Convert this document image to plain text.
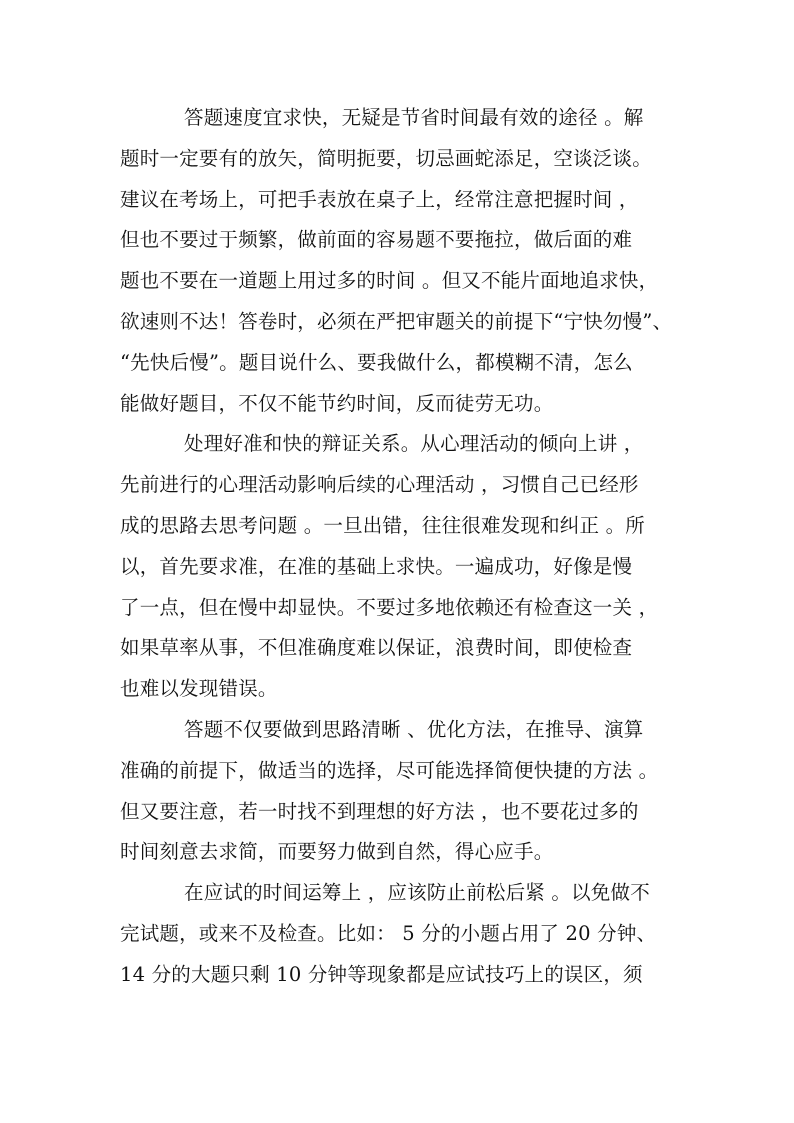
答题速度宜求快，无疑是节省时间最有效的途径 。解
题时一定要有的放矢，简明扼要，切忌画蛇添足，空谈泛谈。
建议在考场上，可把手表放在桌子上，经常注意把握时间 ，
但也不要过于频繁，做前面的容易题不要拖拉，做后面的难
题也不要在一道题上用过多的时间 。但又不能片面地追求快，
欲速则不达！答卷时，必须在严把审题关的前提下“宁快勿慢”、
“先快后慢”。题目说什么、要我做什么，都模糊不清，怎么
能做好题目，不仅不能节约时间，反而徒劳无功。
处理好准和快的辩证关系。从心理活动的倾向上讲 ，
先前进行的心理活动影响后续的心理活动 ，习惯自己已经形
成的思路去思考问题 。一旦出错，往往很难发现和纠正 。所
以，首先要求准，在准的基础上求快。一遍成功，好像是慢
了一点，但在慢中却显快。不要过多地依赖还有检查这一关 ，
如果草率从事，不但准确度难以保证，浪费时间，即使检查
也难以发现错误。
答题不仅要做到思路清晰 、优化方法，在推导、演算
准确的前提下，做适当的选择，尽可能选择简便快捷的方法 。
但又要注意，若一时找不到理想的好方法 ，也不要花过多的
时间刻意去求简，而要努力做到自然，得心应手。
在应试的时间运筹上 ，应该防止前松后紧 。以免做不
完试题，或来不及检查。比如： 5 分的小题占用了 20 分钟、
14 分的大题只剩 10 分钟等现象都是应试技巧上的误区，须
